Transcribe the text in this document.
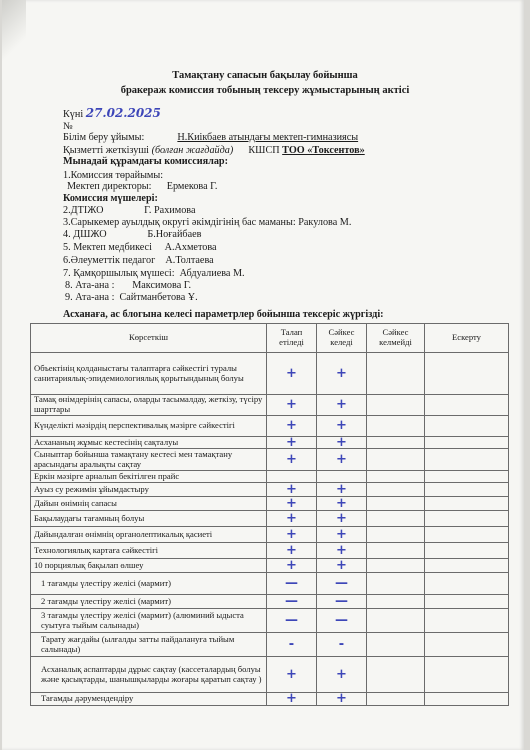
Тамақтану сапасын бақылау бойынша
бракераж комиссия тобының тексеру жұмыстарының актісі
Күні 27.02.2025
№
Білім беру ұйымы:	Н.Киікбаев атындағы мектеп-гимназиясы
Қызметті жеткізуші (болған жағдайда) КШСП ТОО «Токсентов»
Мынадай құрамдағы комиссиялар:
1.Комиссия төрайымы:
Мектеп директоры:      Ермекова Г.
Комиссия мүшелері:
2.ДТІЖО                Г. Рахимова
3.Сарыкемер ауылдық округі әкімдігінің бас маманы: Ракулова М.
4. ДШЖО                Б.Ноғайбаев
5. Мектеп медбикесі     А.Ахметова
6.Әлеуметтік педагог    А.Толтаева
7. Қамқоршылық мүшесі:  Абдуалиева М.
8. Ата-ана :       Максимова Г.
9. Ата-ана :  Сайтманбетова Ұ.
Асханаға, ас блогына келесі параметрлер бойынша тексеріс жүргізді:
Көрсеткіш	Талап етіледі	Сәйкес келеді	Сәйкес келмейді	Ескерту
Объектінің қолданыстағы талаптарға сәйкестігі туралы санитариялық-эпидемиологиялық қорытындының болуы	+	+		
Тамақ өнімдерінің сапасы, оларды тасымалдау, жеткізу, түсіру шарттары	+	+		
Күнделікті мәзірдің перспективалық мәзірге сәйкестігі	+	+		
Асхананың жұмыс кестесінің сақталуы	+	+		
Сыныптар бойынша тамақтану кестесі мен тамақтану арасындағы аралықты сақтау	+	+		
Еркін мәзірге арналып бекітілген прайс				
Ауыз су режимін ұйымдастыру	+	+		
Дайын өнімнің сапасы	+	+		
Бақылаудағы тағамның болуы	+	+		
Дайындалған өнімнің органолептикалық қасиеті	+	+		
Технологиялық картаға сәйкестігі	+	+		
10 порциялық бақылап өлшеу	+	+		
1 тағамды үлестіру желісі (мармит)	—	—		
2 тағамды үлестіру желісі (мармит)	—	—		
3 тағамды үлестіру желісі (мармит) (алюминий ыдыста суытуға тыйым салынады)	—	—		
Тарату жағдайы (ылғалды затты пайдалануға тыйым салынады)	-	-		
Асханалық аспаптарды дұрыс сақтау (кассеталардың болуы және қасықтарды, шанышқыларды жоғары қаратып сақтау )	+	+		
Тағамды дәрумендендіру	+	+		
